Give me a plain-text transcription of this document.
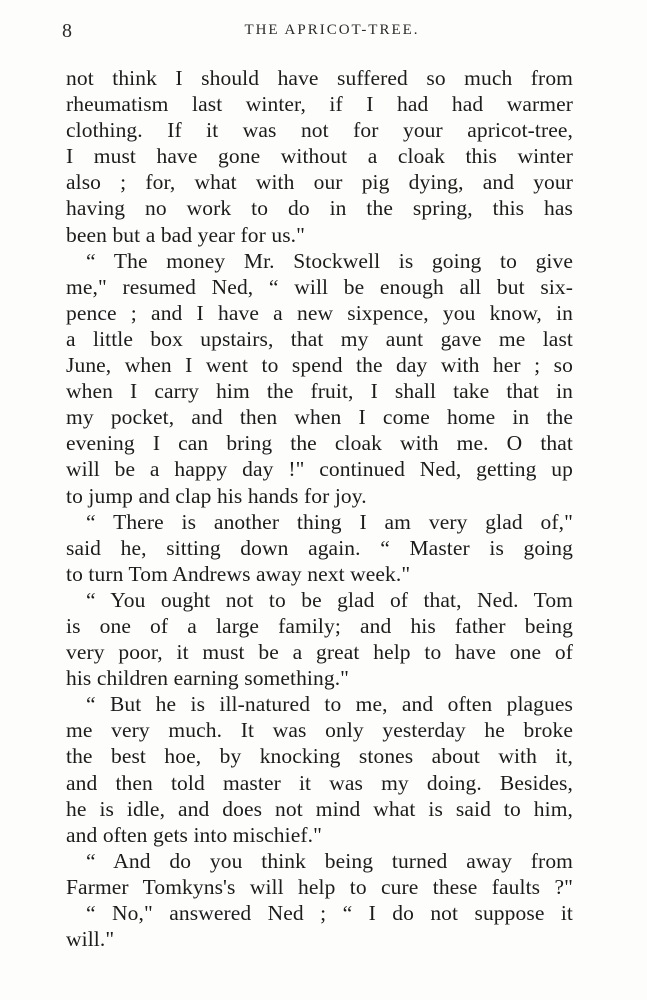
8	THE APRICOT-TREE.
not think I should have suffered so much from
rheumatism last winter, if I had had warmer
clothing. If it was not for your apricot-tree,
I must have gone without a cloak this winter
also ; for, what with our pig dying, and your
having no work to do in the spring, this has
been but a bad year for us."
“ The money Mr. Stockwell is going to give
me," resumed Ned, “ will be enough all but six-
pence ; and I have a new sixpence, you know, in
a little box upstairs, that my aunt gave me last
June, when I went to spend the day with her ; so
when I carry him the fruit, I shall take that in
my pocket, and then when I come home in the
evening I can bring the cloak with me. O that
will be a happy day !" continued Ned, getting up
to jump and clap his hands for joy.
“ There is another thing I am very glad of,"
said he, sitting down again. “ Master is going
to turn Tom Andrews away next week."
“ You ought not to be glad of that, Ned. Tom
is one of a large family; and his father being
very poor, it must be a great help to have one of
his children earning something."
“ But he is ill-natured to me, and often plagues
me very much. It was only yesterday he broke
the best hoe, by knocking stones about with it,
and then told master it was my doing. Besides,
he is idle, and does not mind what is said to him,
and often gets into mischief."
“ And do you think being turned away from
Farmer Tomkyns's will help to cure these faults ?"
“ No," answered Ned ; “ I do not suppose it
will."
